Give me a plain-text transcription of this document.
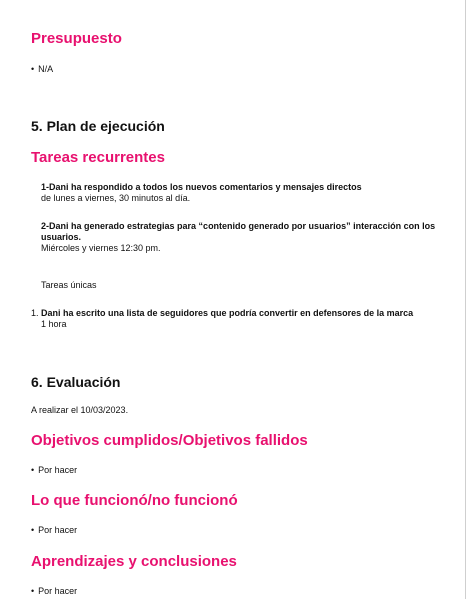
Presupuesto

• N/A

5. Plan de ejecución
Tareas recurrentes
1-Dani ha respondido a todos los nuevos comentarios y mensajes directos
de lunes a viernes, 30 minutos al día.
2-Dani ha generado estrategias para “contenido generado por usuarios” interacción con los usuarios.
Miércoles y viernes 12:30 pm.

Tareas únicas

1. Dani ha escrito una lista de seguidores que podría convertir en defensores de la marca
1 hora
6. Evaluación

A realizar el 10/03/2023.

Objetivos cumplidos/Objetivos fallidos

• Por hacer

Lo que funcionó/no funcionó

• Por hacer

Aprendizajes y conclusiones

• Por hacer
